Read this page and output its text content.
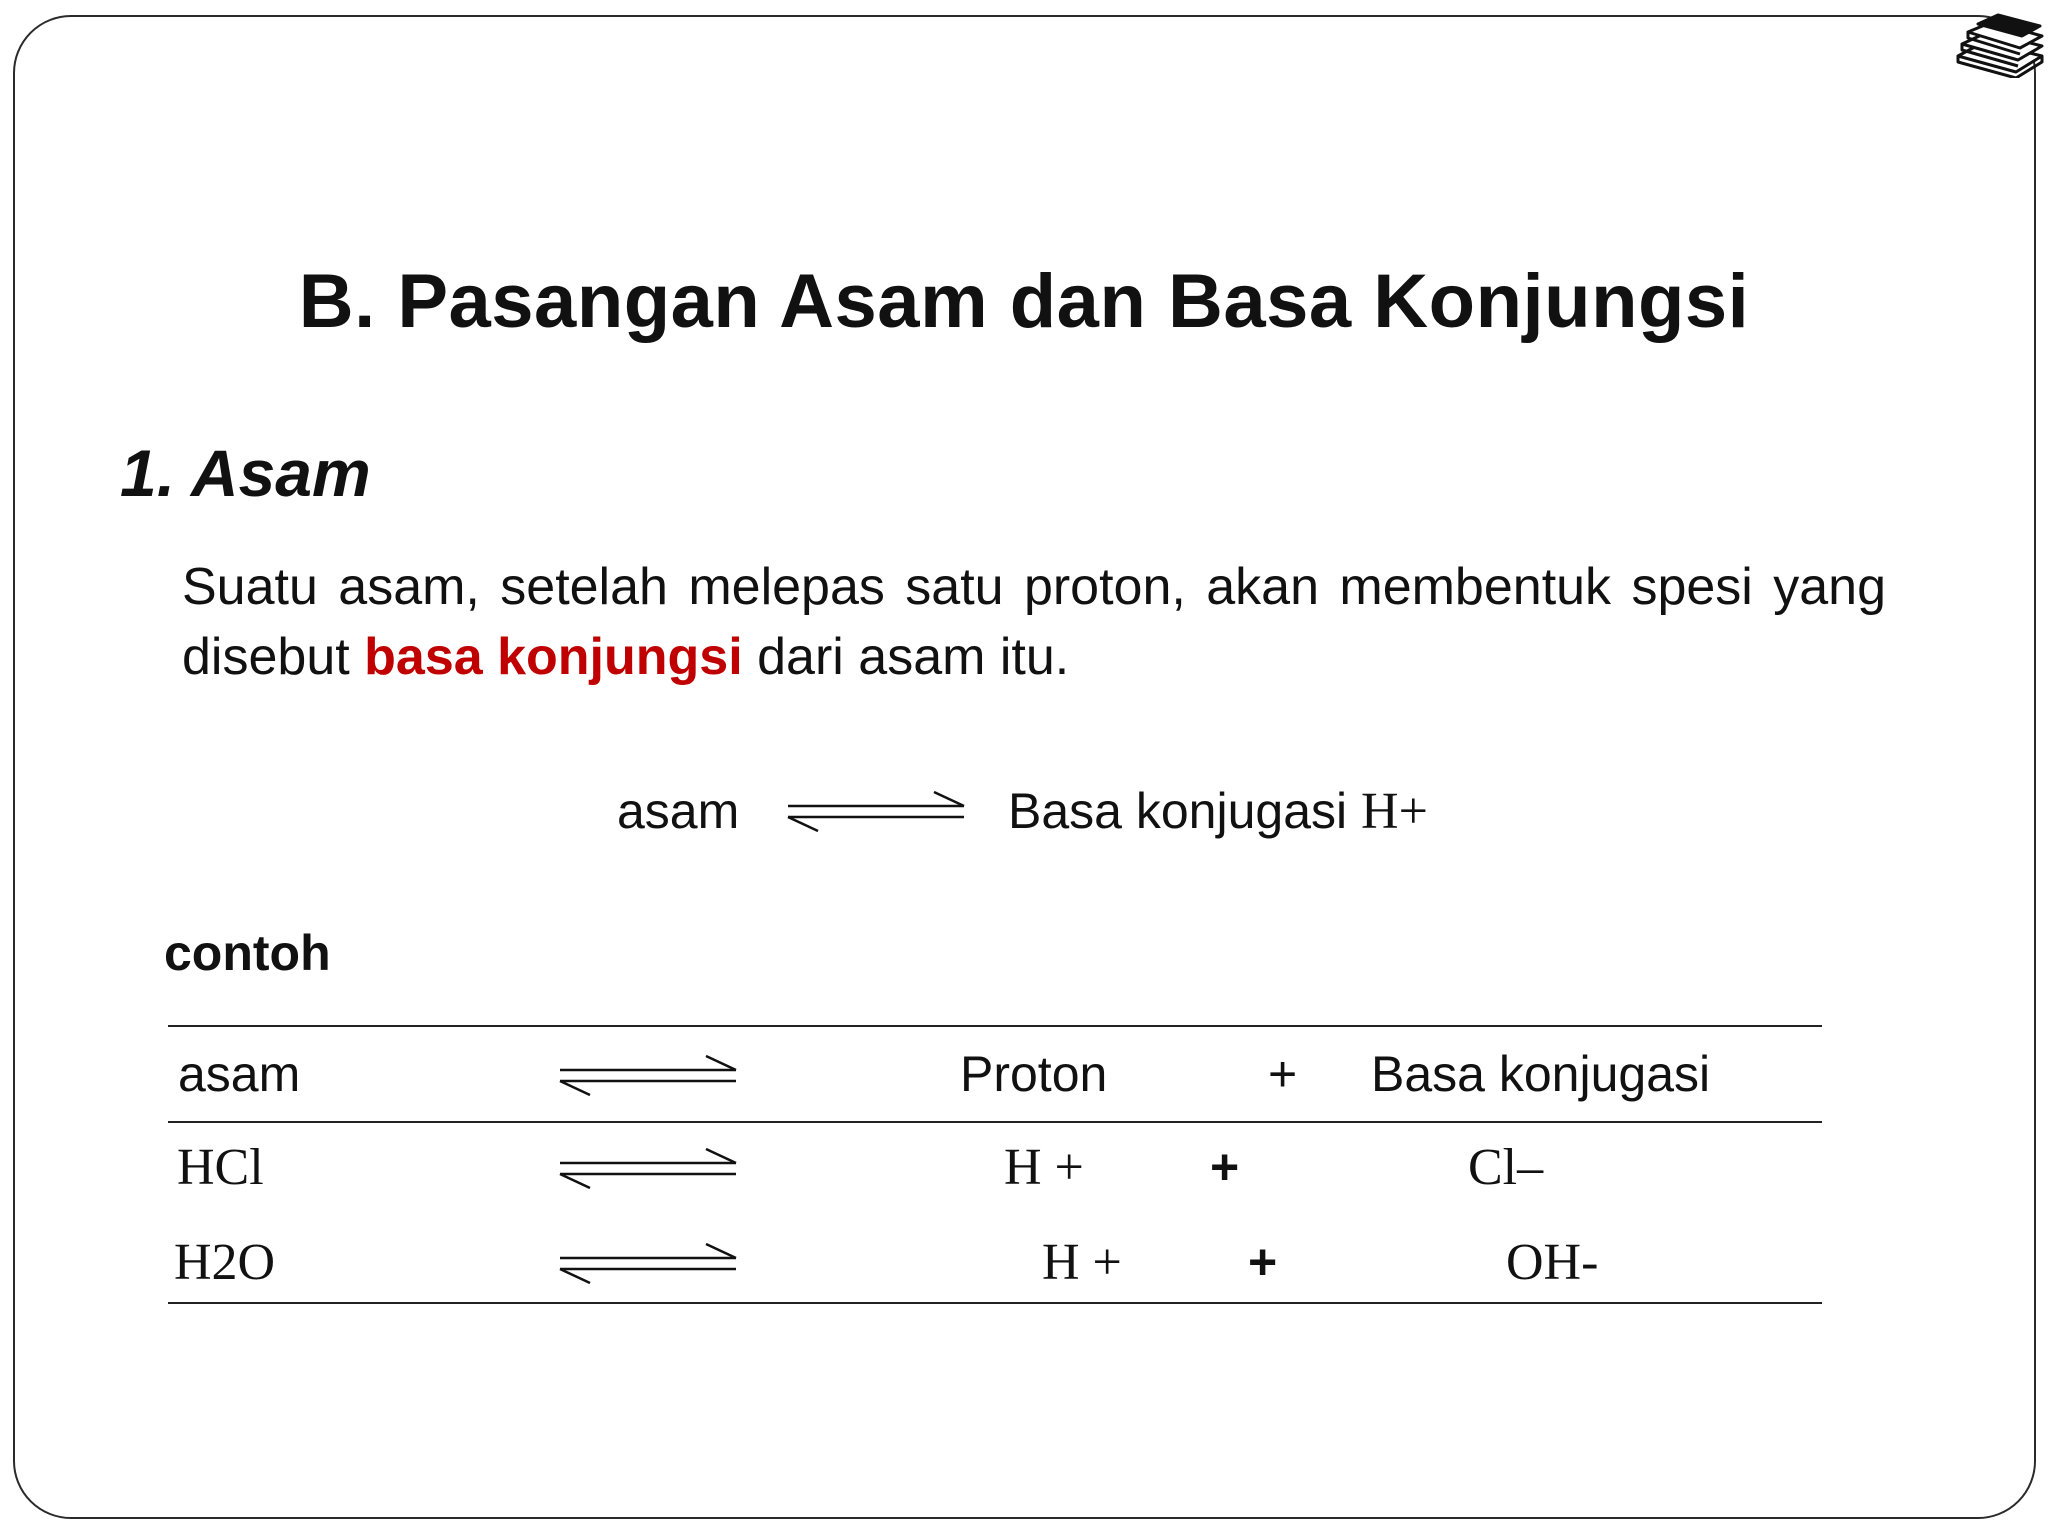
B. Pasangan Asam dan Basa Konjungsi
1. Asam
Suatu asam, setelah melepas satu proton, akan membentuk spesi yang disebut basa konjungsi dari asam itu.
asam	Basa konjugasi H+
contoh
asam	Proton	+ Basa konjugasi
HCl	H +	+	Cl–
H2O	H +	+	OH-
